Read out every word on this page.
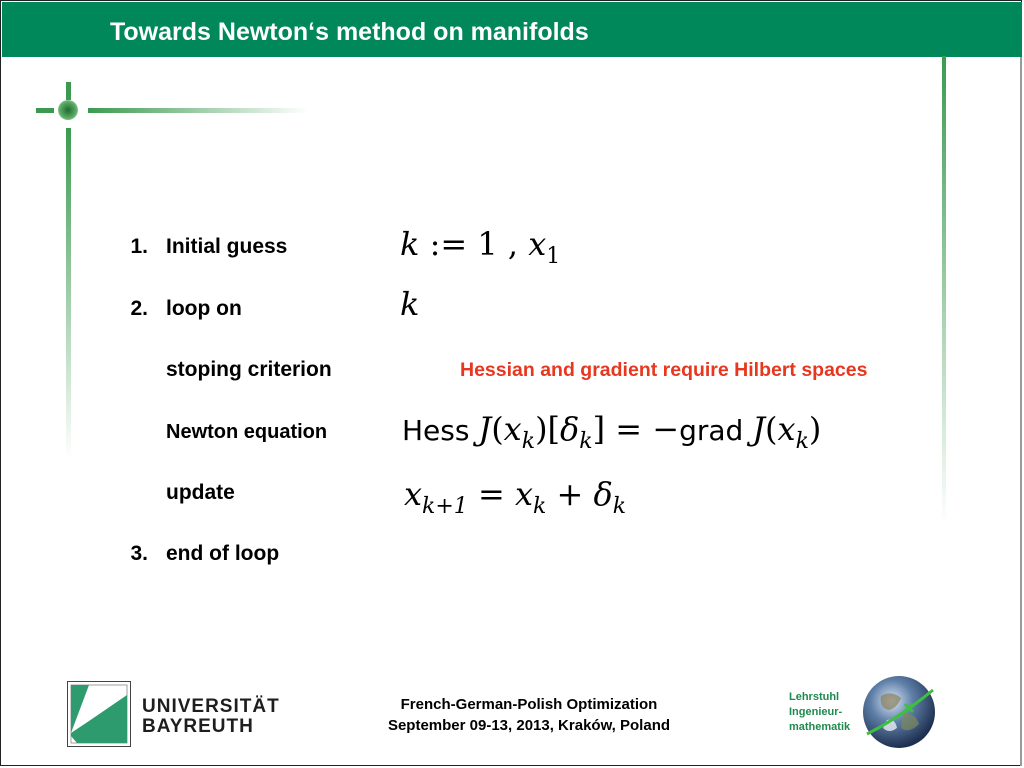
Towards Newton‘s method on manifolds
1. Initial guess
2. loop on
stoping criterion
Newton equation
update
3. end of loop
k := 1 , $x_1$
k
Hessian and gradient require Hilbert spaces
Hess $J(x_k)[\delta_k]$ = −grad $J(x_k)$
$x_{k+1} = x_k + \delta_k$
UNIVERSITÄT
BAYREUTH
French-German-Polish Optimization
September 09-13, 2013, Kraków, Poland
Lehrstuhl
Ingenieur-
mathematik
